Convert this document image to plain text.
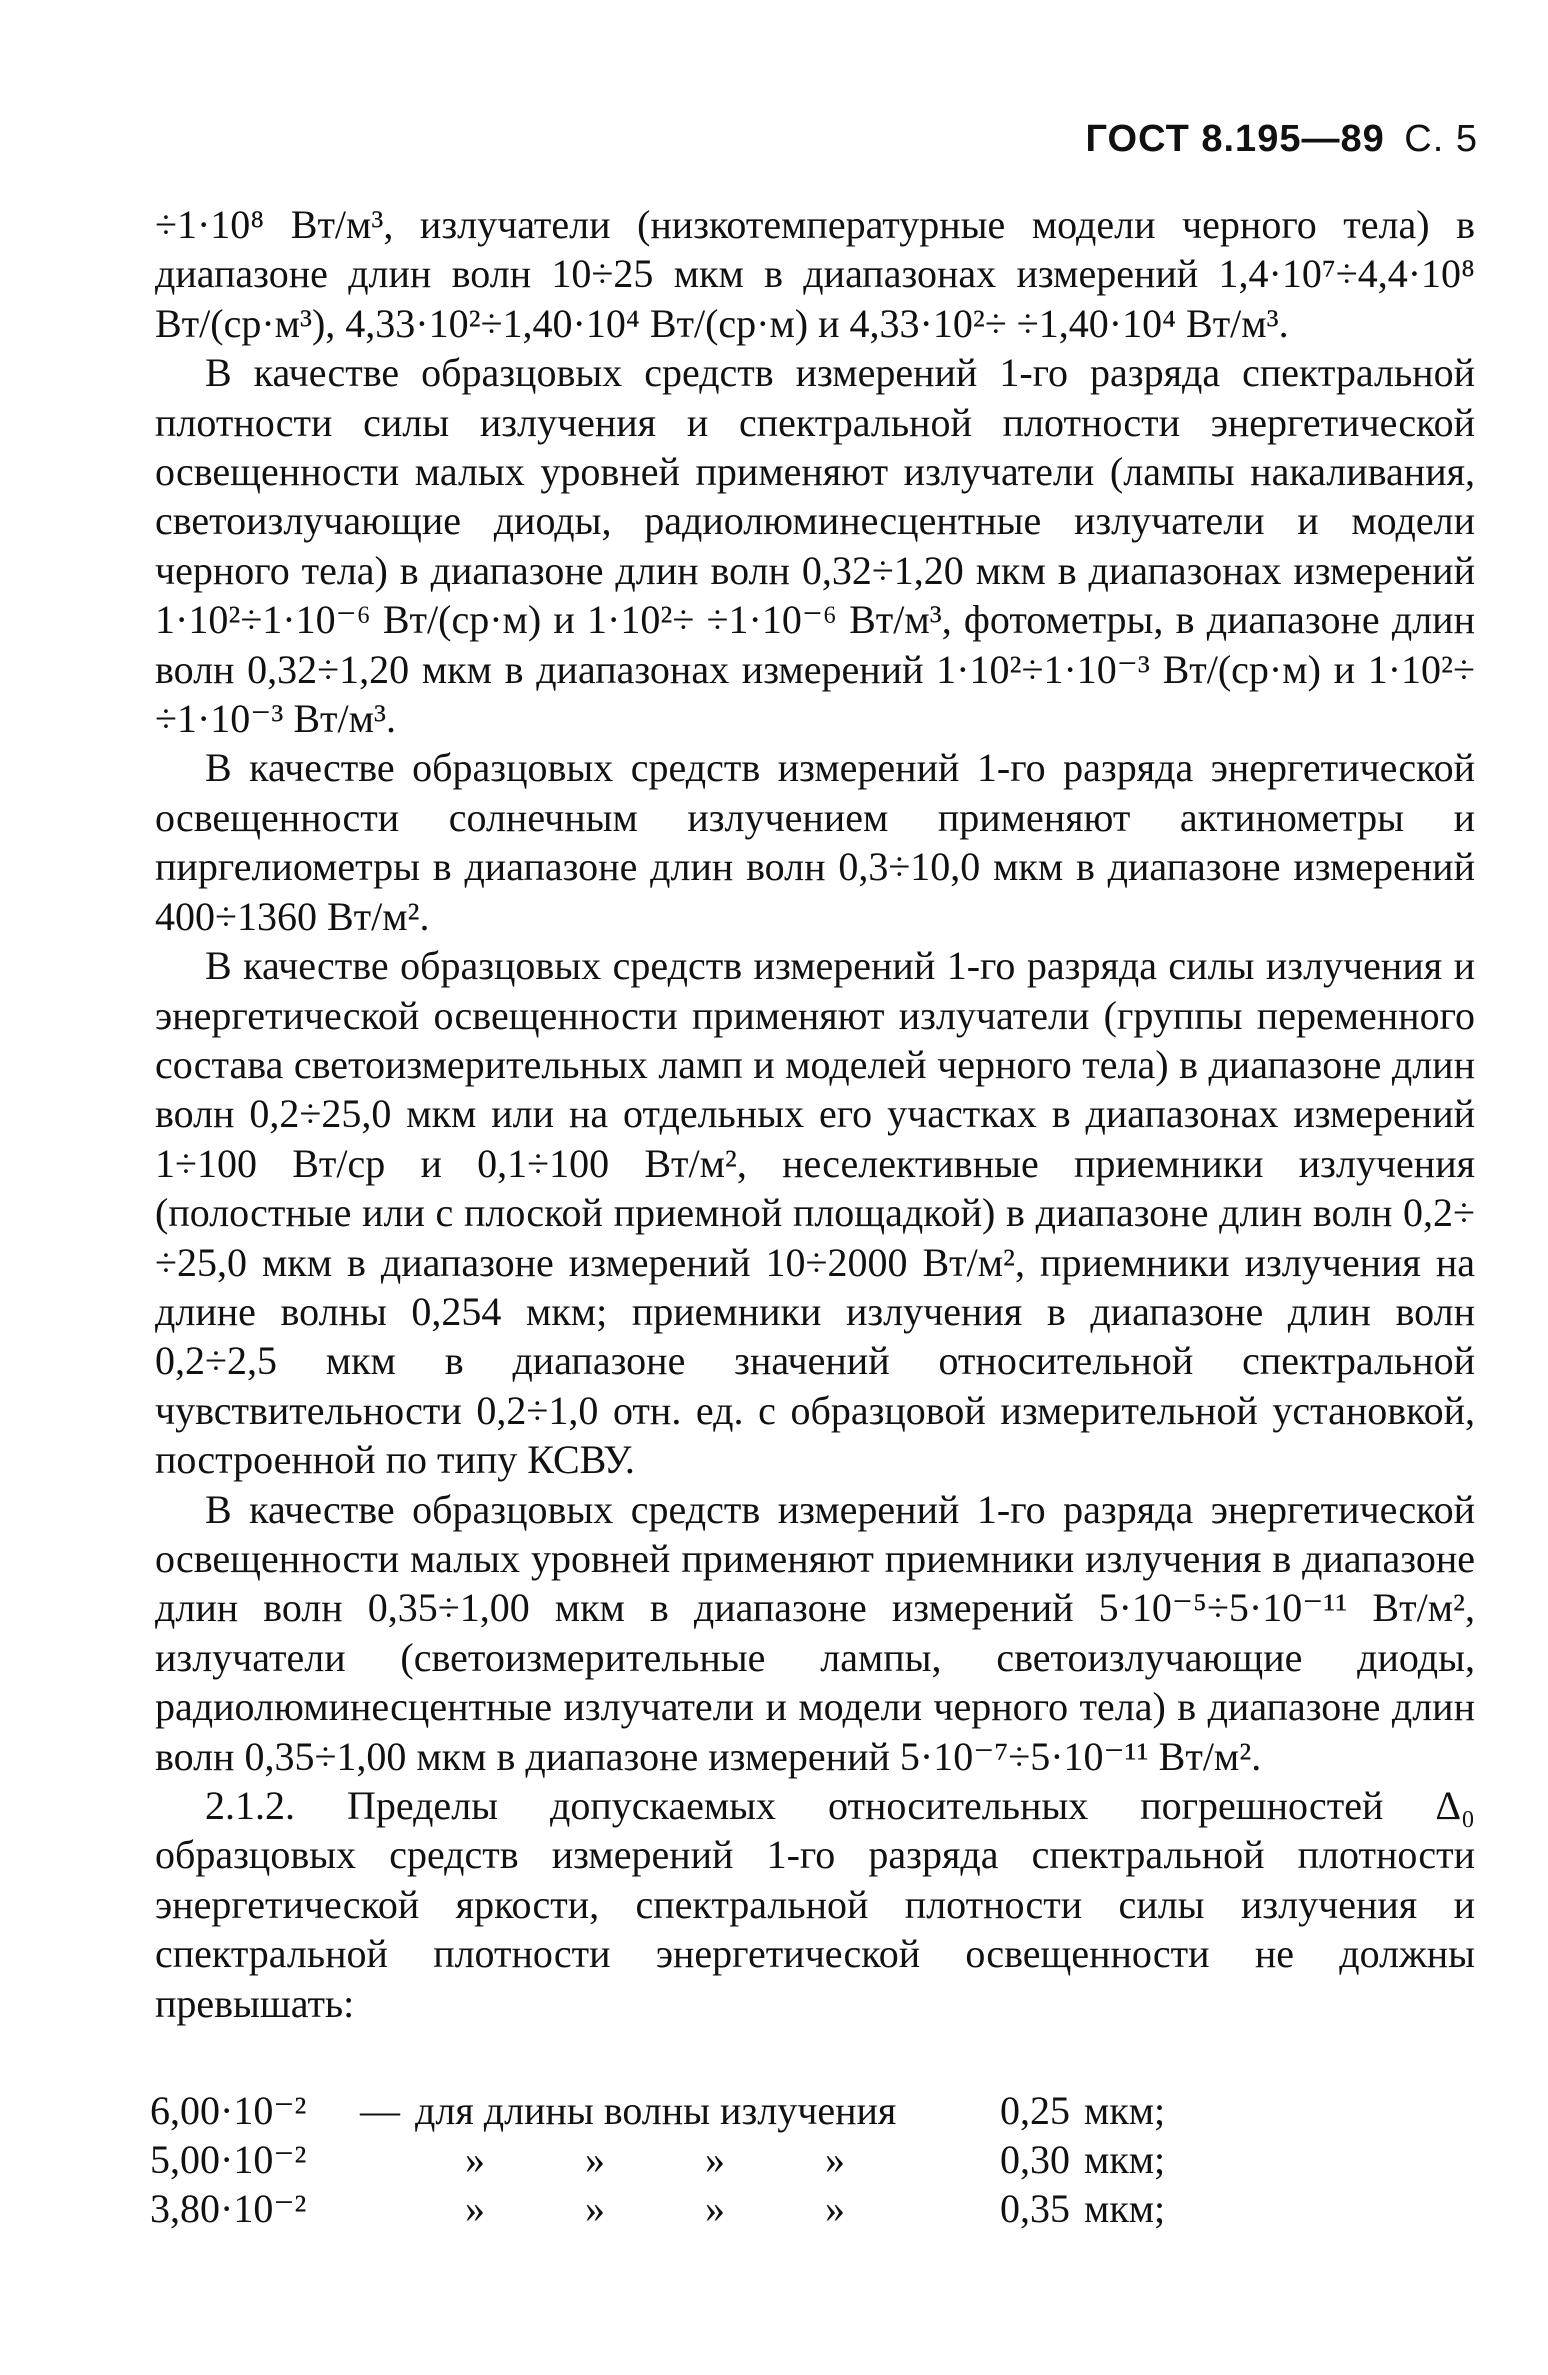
ГОСТ 8.195—89 С. 5

÷1·10⁸ Вт/м³, излучатели (низкотемпературные модели черного тела) в диапазоне длин волн 10÷25 мкм в диапазонах измерений 1,4·10⁷÷4,4·10⁸ Вт/(ср·м³), 4,33·10²÷1,40·10⁴ Вт/(ср·м) и 4,33·10²÷ ÷1,40·10⁴ Вт/м³.

В качестве образцовых средств измерений 1-го разряда спектральной плотности силы излучения и спектральной плотности энергетической освещенности малых уровней применяют излучатели (лампы накаливания, светоизлучающие диоды, радиолюминесцентные излучатели и модели черного тела) в диапазоне длин волн 0,32÷1,20 мкм в диапазонах измерений 1·10²÷1·10⁻⁶ Вт/(ср·м) и 1·10²÷ ÷1·10⁻⁶ Вт/м³, фотометры, в диапазоне длин волн 0,32÷1,20 мкм в диапазонах измерений 1·10²÷1·10⁻³ Вт/(ср·м) и 1·10²÷ ÷1·10⁻³ Вт/м³.

В качестве образцовых средств измерений 1-го разряда энергетической освещенности солнечным излучением применяют актинометры и пиргелиометры в диапазоне длин волн 0,3÷10,0 мкм в диапазоне измерений 400÷1360 Вт/м².

В качестве образцовых средств измерений 1-го разряда силы излучения и энергетической освещенности применяют излучатели (группы переменного состава светоизмерительных ламп и моделей черного тела) в диапазоне длин волн 0,2÷25,0 мкм или на отдельных его участках в диапазонах измерений 1÷100 Вт/ср и 0,1÷100 Вт/м², неселективные приемники излучения (полостные или с плоской приемной площадкой) в диапазоне длин волн 0,2÷ ÷25,0 мкм в диапазоне измерений 10÷2000 Вт/м², приемники излучения на длине волны 0,254 мкм; приемники излучения в диапазоне длин волн 0,2÷2,5 мкм в диапазоне значений относительной спектральной чувствительности 0,2÷1,0 отн. ед. с образцовой измерительной установкой, построенной по типу КСВУ.

В качестве образцовых средств измерений 1-го разряда энергетической освещенности малых уровней применяют приемники излучения в диапазоне длин волн 0,35÷1,00 мкм в диапазоне измерений 5·10⁻⁵÷5·10⁻¹¹ Вт/м², излучатели (светоизмерительные лампы, светоизлучающие диоды, радиолюминесцентные излучатели и модели черного тела) в диапазоне длин волн 0,35÷1,00 мкм в диапазоне измерений 5·10⁻⁷÷5·10⁻¹¹ Вт/м².

2.1.2. Пределы допускаемых относительных погрешностей Δ₀ образцовых средств измерений 1-го разряда спектральной плотности энергетической яркости, спектральной плотности силы излучения и спектральной плотности энергетической освещенности не должны превышать:

6,00·10⁻²	—	для длины волны излучения	0,25	мкм;
5,00·10⁻²		» » » »	0,30	мкм;
3,80·10⁻²		» » » »	0,35	мкм;
